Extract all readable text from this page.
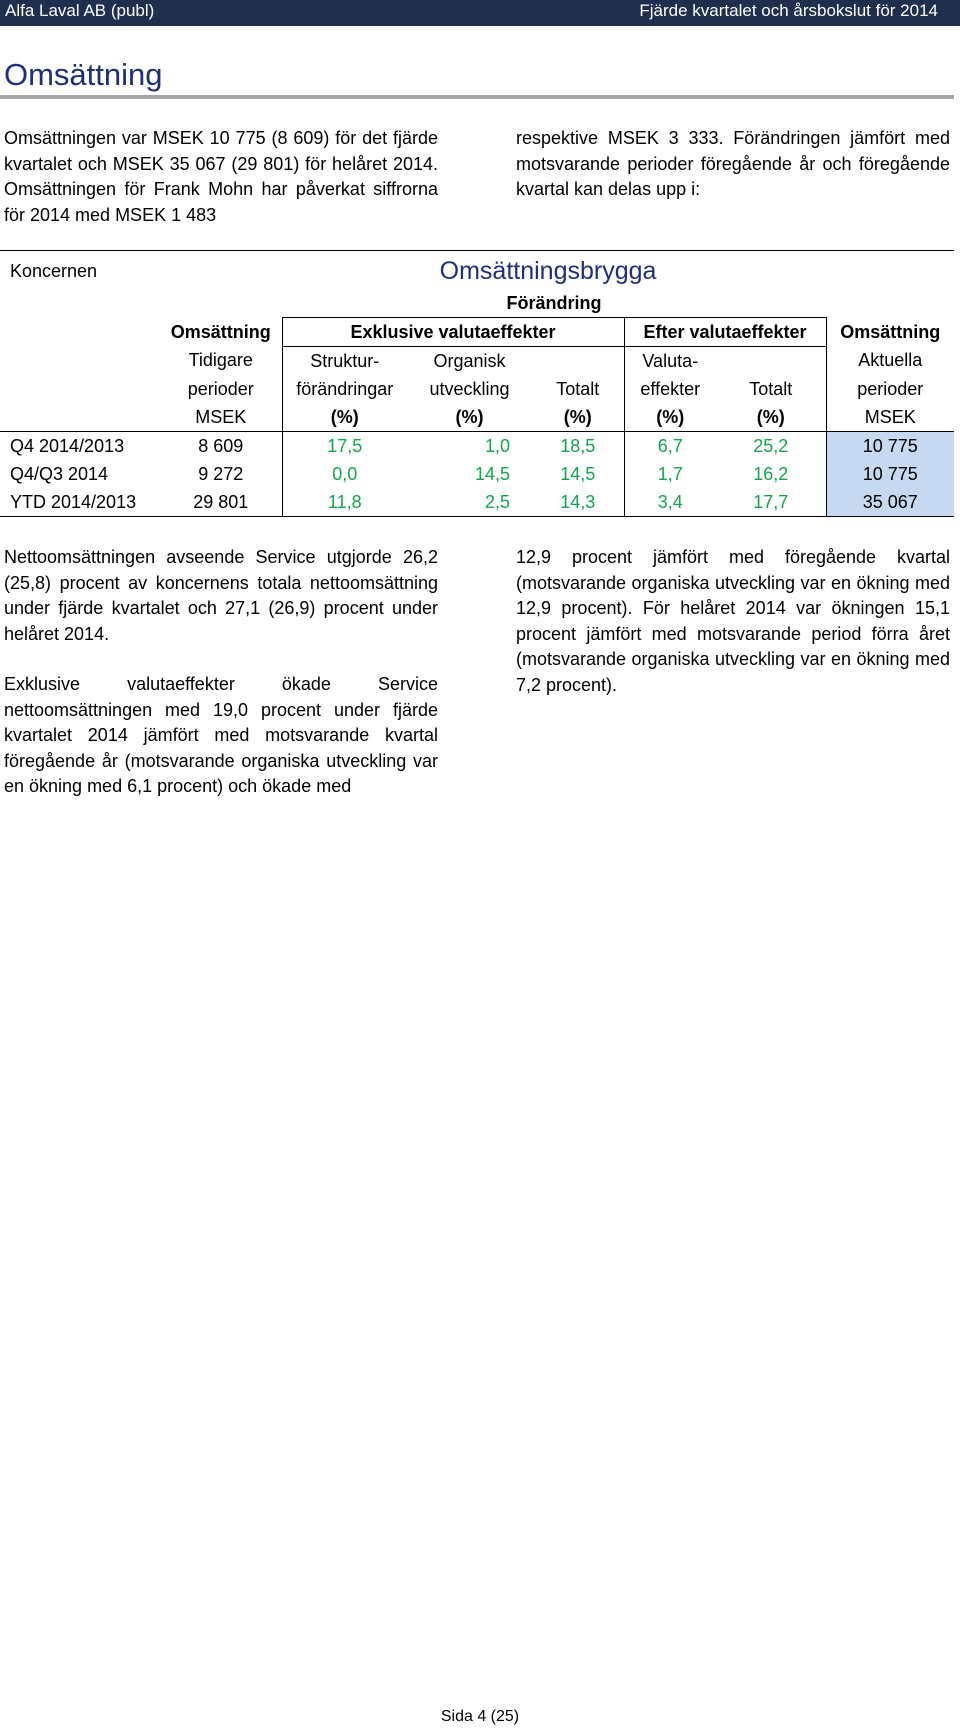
Alfa Laval AB (publ)	Fjärde kvartalet och årsbokslut för 2014
Omsättning

Omsättningen var MSEK 10 775 (8 609) för det fjärde kvartalet och MSEK 35 067 (29 801) för helåret 2014. Omsättningen för Frank Mohn har påverkat siffrorna för 2014 med MSEK 1 483

respektive MSEK 3 333. Förändringen jämfört med motsvarande perioder föregående år och föregående kvartal kan delas upp i:

Koncernen		Omsättningsbrygga					
		Förändring					
	Omsättning	Exklusive valutaeffekter			Efter valutaeffekter		Omsättning
	Tidigare	Struktur-	Organisk		Valuta-		Aktuella
	perioder	förändringar	utveckling	Totalt	effekter	Totalt	perioder
	MSEK	(%)	(%)	(%)	(%)	(%)	MSEK
Q4 2014/2013	8 609	17,5	1,0	18,5	6,7	25,2	10 775
Q4/Q3 2014	9 272	0,0	14,5	14,5	1,7	16,2	10 775
YTD 2014/2013	29 801	11,8	2,5	14,3	3,4	17,7	35 067

Nettoomsättningen avseende Service utgjorde 26,2 (25,8) procent av koncernens totala nettoomsättning under fjärde kvartalet och 27,1 (26,9) procent under helåret 2014.

Exklusive valutaeffekter ökade Service nettoomsättningen med 19,0 procent under fjärde kvartalet 2014 jämfört med motsvarande kvartal föregående år (motsvarande organiska utveckling var en ökning med 6,1 procent) och ökade med

12,9 procent jämfört med föregående kvartal (motsvarande organiska utveckling var en ökning med 12,9 procent). För helåret 2014 var ökningen 15,1 procent jämfört med motsvarande period förra året (motsvarande organiska utveckling var en ökning med 7,2 procent).

Sida 4 (25)
